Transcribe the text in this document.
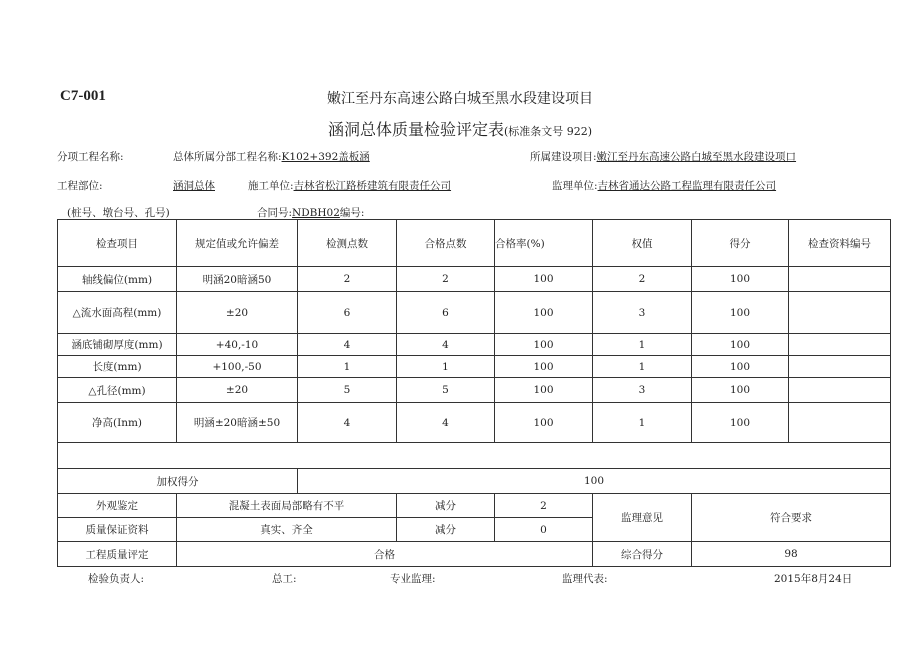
C7-001	嫩江至丹东高速公路白城至黑水段建设项目
涵洞总体质量检验评定表(标准条文号 922)
分项工程名称:	总体所属分部工程名称:K102+392盖板涵	所属建设项目:嫩江至丹东高速公路白城至黑水段建设项口
工程部位:	涵洞总体	施工单位:吉林省松江路桥建筑有限责任公司	监理单位:吉林省通达公路工程监理有限责任公司
(桩号、墩台号、孔号)	合同号:NDBH02编号:
检查项目	规定值或允许偏差	检测点数	合格点数	合格率(%)	权值	得分	检查资料编号
轴线偏位(mm)	明涵20暗涵50	2	2	100	2	100	
△流水面高程(mm)	±20	6	6	100	3	100	
涵底铺砌厚度(mm)	+40,-10	4	4	100	1	100	
长度(mm)	+100,-50	1	1	100	1	100	
△孔径(mm)	±20	5	5	100	3	100	
净高(Inm)	明涵±20暗涵±50	4	4	100	1	100	

加权得分		100					
外观鉴定	混凝土表面局部略有不平		减分	2	监理意见	符合要求	
质量保证资料	真实、齐全		减分	0			
工程质量评定	合格				综合得分	98	
检验负责人:	总工:	专业监理:	监理代表:	2015年8月24日
